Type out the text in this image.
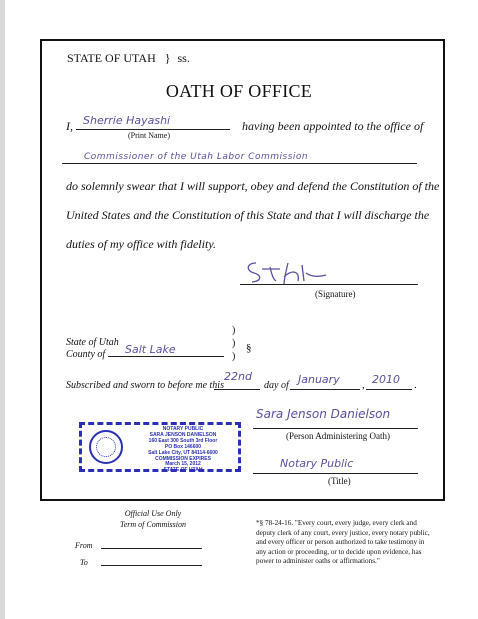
STATE OF UTAH } ss.
OATH OF OFFICE
I, Sherrie Hayashi
(Print Name)
having been appointed to the office of
Commissioner of the Utah Labor Commission
do solemnly swear that I will support, obey and defend the Constitution of the
United States and the Constitution of this State and that I will discharge the
duties of my office with fidelity.
(Signature)
State of Utah
County of Salt Lake
)
)
)
§
Subscribed and sworn to before me this
22nd
day of January , 2010 .
NOTARY PUBLIC
SARA JENSON DANIELSON
160 East 300 South 3rd Floor
PO Box 146600
Salt Lake City, UT 84114-6600
COMMISSION EXPIRES
March 15, 2012
STATE OF UTAH
Sara Jenson Danielson
(Person Administering Oath)
Notary Public
(Title)
Official Use Only
Term of Commission
From
To
*§ 78-24-16. "Every court, every judge, every clerk and
deputy clerk of any court, every justice, every notary public,
and every officer or person authorized to take testimony in
any action or proceeding, or to decide upon evidence, has
power to administer oaths or affirmations."
